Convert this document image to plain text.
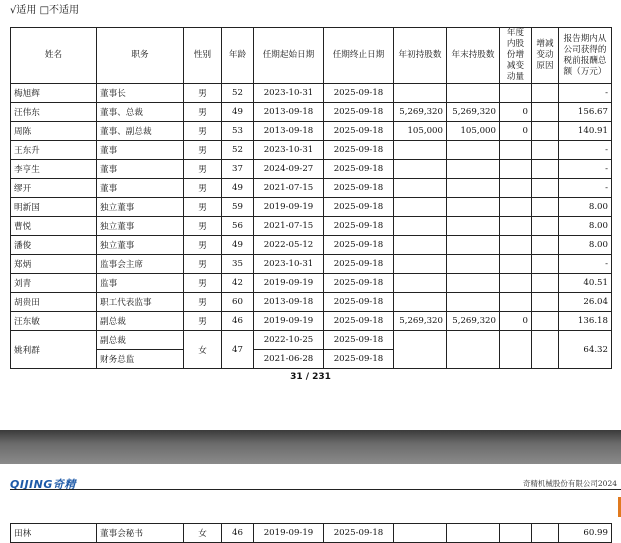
√适用 □不适用
姓名	职务	性别	年龄	任期起始日期	任期终止日期	年初持股数	年末持股数	年度内股份增减变动量	增减变动原因	报告期内从公司获得的税前报酬总额（万元）
梅旭辉	董事长	男	52	2023-10-31	2025-09-18					-
汪伟东	董事、总裁	男	49	2013-09-18	2025-09-18	5,269,320	5,269,320	0		156.67
周陈	董事、副总裁	男	53	2013-09-18	2025-09-18	105,000	105,000	0		140.91
王东升	董事	男	52	2023-10-31	2025-09-18					-
李亨生	董事	男	37	2024-09-27	2025-09-18					-
缪开	董事	男	49	2021-07-15	2025-09-18					-
明新国	独立董事	男	59	2019-09-19	2025-09-18					8.00
曹悦	独立董事	男	56	2021-07-15	2025-09-18					8.00
潘俊	独立董事	男	49	2022-05-12	2025-09-18					8.00
郑炳	监事会主席	男	35	2023-10-31	2025-09-18					-
刘青	监事	男	42	2019-09-19	2025-09-18					40.51
胡贵田	职工代表监事	男	60	2013-09-18	2025-09-18					26.04
汪东敏	副总裁	男	46	2019-09-19	2025-09-18	5,269,320	5,269,320	0		136.18
姚利群	副总裁	女	47	2022-10-25	2025-09-18					64.32
	财务总监			2021-06-28	2025-09-18					
31 / 231
QIJING奇精	奇精机械股份有限公司2024
田林	董事会秘书	女	46	2019-09-19	2025-09-18					60.99
